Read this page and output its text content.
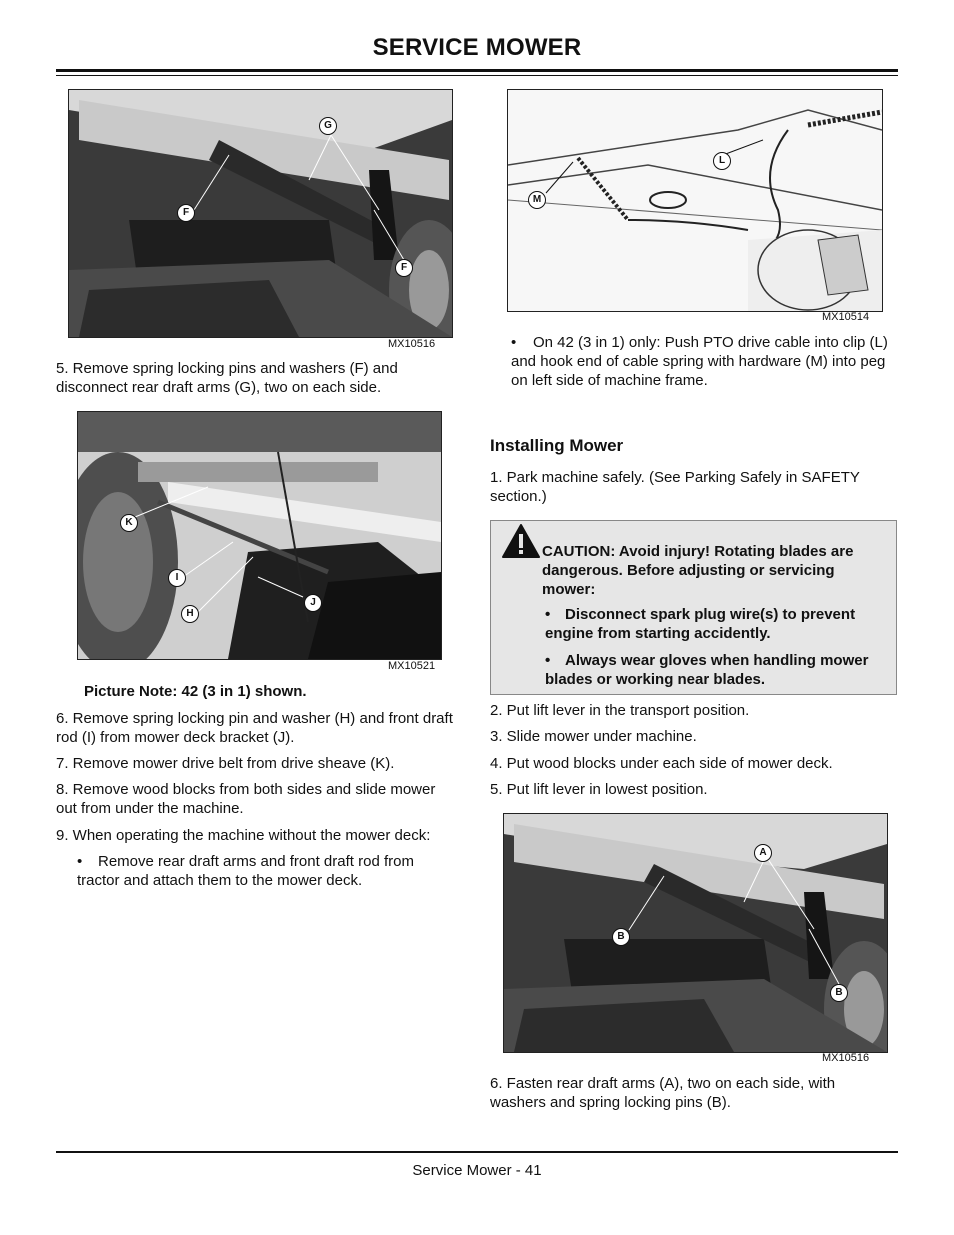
SERVICE MOWER
G
F
F
MX10516
5. Remove spring locking pins and washers (F) and disconnect rear draft arms (G), two on each side.
K
I
H
J
MX10521
Picture Note: 42 (3 in 1) shown.
6. Remove spring locking pin and washer (H) and front draft rod (I) from mower deck bracket (J).
7. Remove mower drive belt from drive sheave (K).
8. Remove wood blocks from both sides and slide mower out from under the machine.
9. When operating the machine without the mower deck:
• Remove rear draft arms and front draft rod from tractor and attach them to the mower deck.
L
M
MX10514
• On 42 (3 in 1) only: Push PTO drive cable into clip (L) and hook end of cable spring with hardware (M) into peg on left side of machine frame.
Installing Mower
1. Park machine safely. (See Parking Safely in SAFETY section.)
CAUTION: Avoid injury! Rotating blades are dangerous. Before adjusting or servicing mower:
• Disconnect spark plug wire(s) to prevent engine from starting accidently.
• Always wear gloves when handling mower blades or working near blades.
2. Put lift lever in the transport position.
3. Slide mower under machine.
4. Put wood blocks under each side of mower deck.
5. Put lift lever in lowest position.
A
B
B
MX10516
6. Fasten rear draft arms (A), two on each side, with washers and spring locking pins (B).
Service Mower - 41
